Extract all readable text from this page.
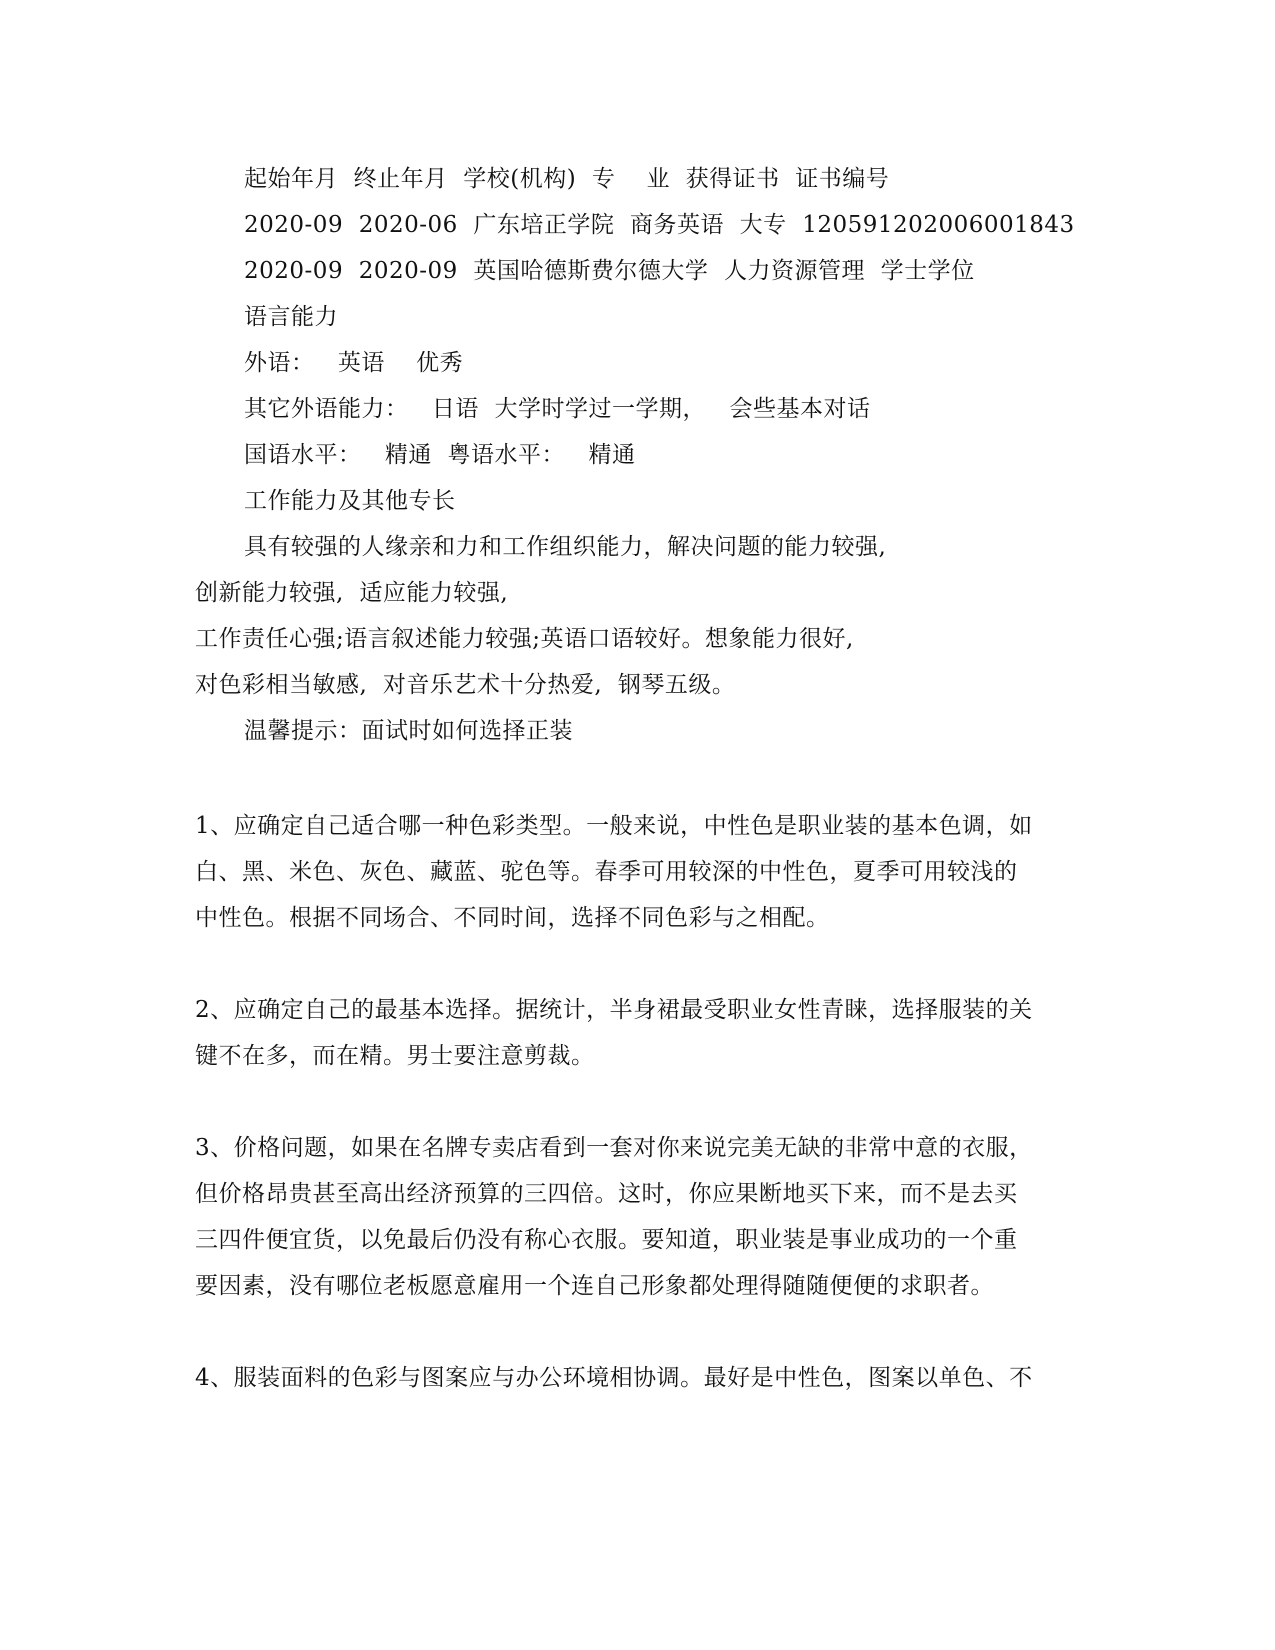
起始年月  终止年月  学校(机构)  专    业  获得证书  证书编号
2020-09  2020-06  广东培正学院  商务英语  大专  120591202006001843
2020-09  2020-09  英国哈德斯费尔德大学  人力资源管理  学士学位
语言能力
外语：   英语    优秀
其它外语能力：   日语  大学时学过一学期，   会些基本对话
国语水平：   精通  粤语水平：   精通
工作能力及其他专长
具有较强的人缘亲和力和工作组织能力，解决问题的能力较强,
创新能力较强,  适应能力较强,
工作责任心强;语言叙述能力较强;英语口语较好。想象能力很好,
对色彩相当敏感,  对音乐艺术十分热爱,  钢琴五级。
温馨提示：面试时如何选择正装
1、应确定自己适合哪一种色彩类型。一般来说，中性色是职业装的基本色调，如
白、黑、米色、灰色、藏蓝、驼色等。春季可用较深的中性色，夏季可用较浅的
中性色。根据不同场合、不同时间，选择不同色彩与之相配。
2、应确定自己的最基本选择。据统计，半身裙最受职业女性青睐，选择服装的关
键不在多，而在精。男士要注意剪裁。
3、价格问题，如果在名牌专卖店看到一套对你来说完美无缺的非常中意的衣服，
但价格昂贵甚至高出经济预算的三四倍。这时，你应果断地买下来，而不是去买
三四件便宜货，以免最后仍没有称心衣服。要知道，职业装是事业成功的一个重
要因素，没有哪位老板愿意雇用一个连自己形象都处理得随随便便的求职者。
4、服装面料的色彩与图案应与办公环境相协调。最好是中性色，图案以单色、不
